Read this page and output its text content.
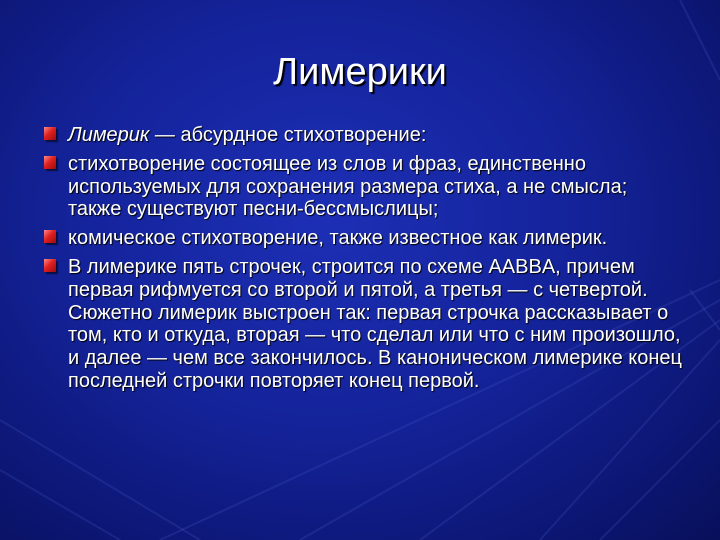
Лимерики
Лимерик — абсурдное стихотворение:
стихотворение состоящее из слов и фраз, единственно используемых для сохранения размера стиха, а не смысла; также существуют песни-бессмыслицы;
комическое стихотворение, также известное как лимерик.
В лимерике пять строчек, строится по схеме AABBA, причем первая рифмуется со второй и пятой, а третья — с четвертой. Сюжетно лимерик выстроен так: первая строчка рассказывает о том, кто и откуда, вторая — что сделал или что с ним произошло, и далее — чем все закончилось. В каноническом лимерике конец последней строчки повторяет конец первой.
